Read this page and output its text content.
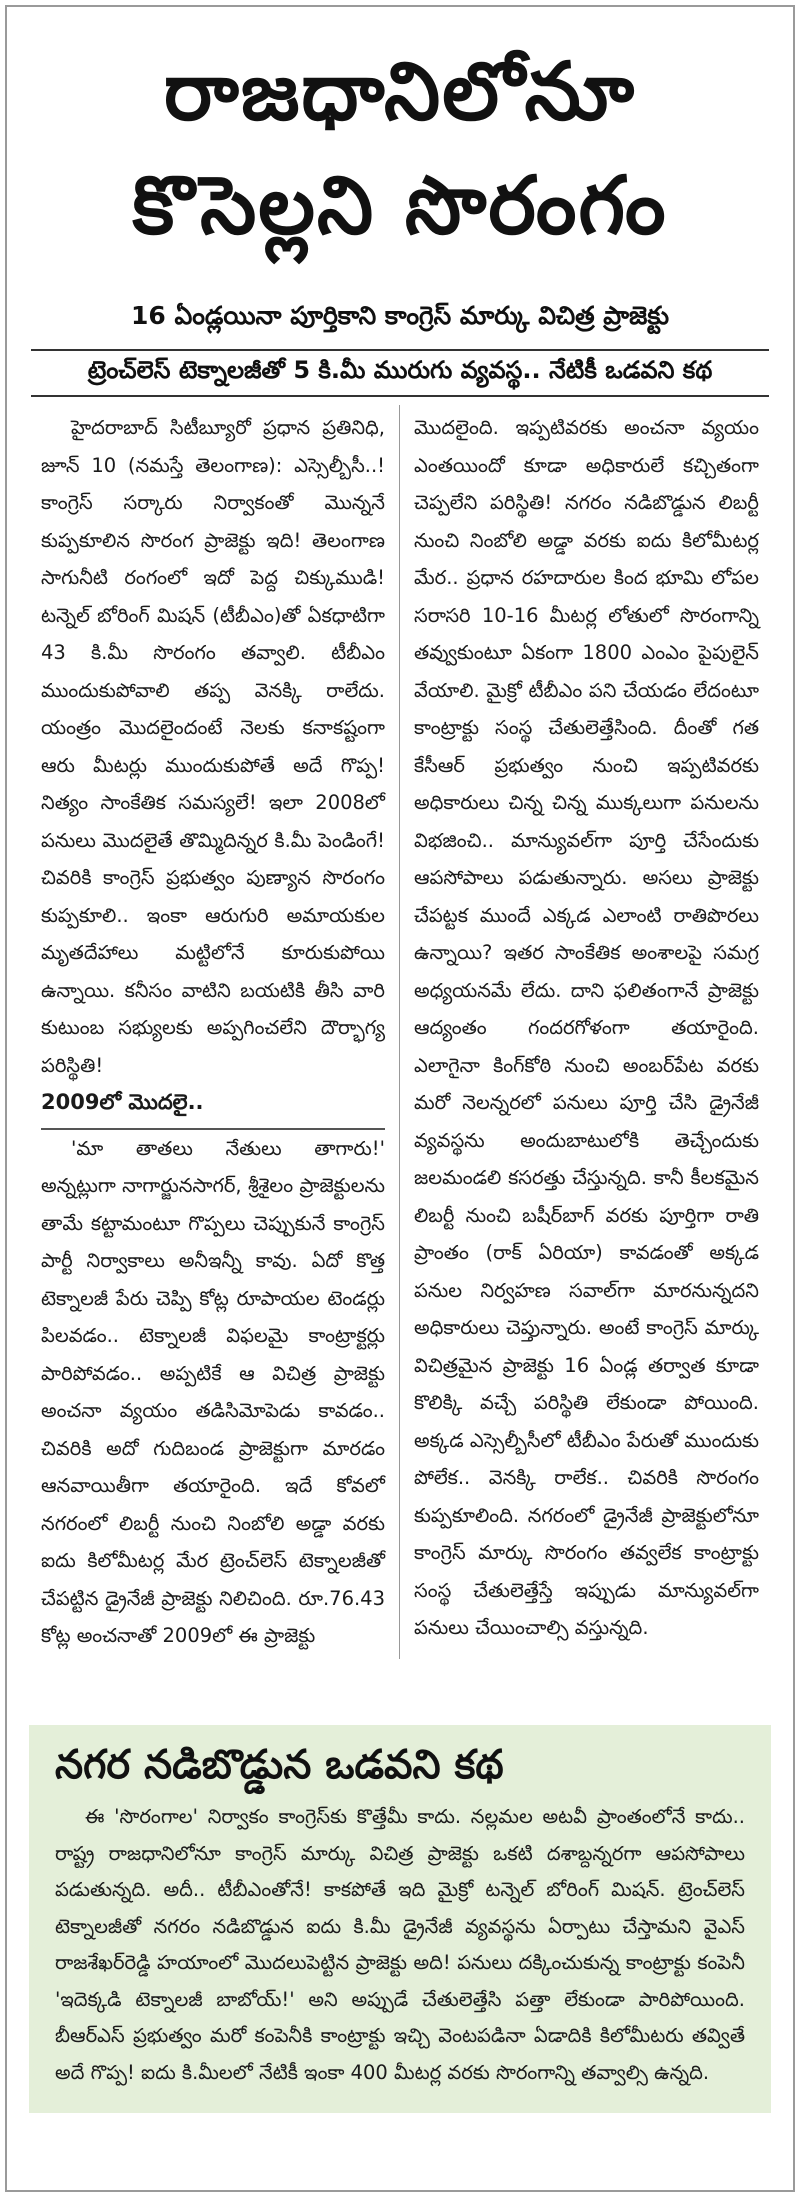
రాజధానిలోనూ
కొసెల్లని సొరంగం
16 ఏండ్లయినా పూర్తికాని కాంగ్రెస్ మార్కు విచిత్ర ప్రాజెక్టు
ట్రెంచ్‌లెస్ టెక్నాలజీతో 5 కి.మీ మురుగు వ్యవస్థ.. నేటికీ ఒడవని కథ

హైదరాబాద్ సిటీబ్యూరో ప్రధాన ప్రతినిధి, జూన్ 10 (నమస్తే తెలంగాణ): ఎస్సెల్బీసీ..! కాంగ్రెస్ సర్కారు నిర్వాకంతో మొన్ననే కుప్పకూలిన సొరంగ ప్రాజెక్టు ఇది! తెలంగాణ సాగునీటి రంగంలో ఇదో పెద్ద చిక్కుముడి! టన్నెల్ బోరింగ్ మిషన్ (టీబీఎం)తో ఏకధాటిగా 43 కి.మీ సొరంగం తవ్వాలి. టీబీఎం ముందుకుపోవాలి తప్ప వెనక్కి రాలేదు. యంత్రం మొదలైందంటే నెలకు కనాకష్టంగా ఆరు మీటర్లు ముందుకుపోతే అదే గొప్ప! నిత్యం సాంకేతిక సమస్యలే! ఇలా 2008లో పనులు మొదలైతే తొమ్మిదిన్నర కి.మీ పెండింగే! చివరికి కాంగ్రెస్ ప్రభుత్వం పుణ్యాన సొరంగం కుప్పకూలి.. ఇంకా ఆరుగురి అమాయకుల మృతదేహాలు మట్టిలోనే కూరుకుపోయి ఉన్నాయి. కనీసం వాటిని బయటికి తీసి వారి కుటుంబ సభ్యులకు అప్పగించలేని దౌర్భాగ్య పరిస్థితి!

2009లో మొదలై..

'మా తాతలు నేతులు తాగారు!' అన్నట్లుగా నాగార్జునసాగర్, శ్రీశైలం ప్రాజెక్టులను తామే కట్టామంటూ గొప్పలు చెప్పుకునే కాంగ్రెస్ పార్టీ నిర్వాకాలు అనీఇన్నీ కావు. ఏదో కొత్త టెక్నాలజీ పేరు చెప్పి కోట్ల రూపాయల టెండర్లు పిలవడం.. టెక్నాలజీ విఫలమై కాంట్రాక్టర్లు పారిపోవడం.. అప్పటికే ఆ విచిత్ర ప్రాజెక్టు అంచనా వ్యయం తడిసిమోపెడు కావడం.. చివరికి అదో గుదిబండ ప్రాజెక్టుగా మారడం ఆనవాయితీగా తయారైంది. ఇదే కోవలో నగరంలో లిబర్టీ నుంచి నింబోలి అడ్డా వరకు ఐదు కిలోమీటర్ల మేర ట్రెంచ్‌లెస్ టెక్నాలజీతో చేపట్టిన డ్రైనేజీ ప్రాజెక్టు నిలిచింది. రూ.76.43 కోట్ల అంచనాతో 2009లో ఈ ప్రాజెక్టు

మొదలైంది. ఇప్పటివరకు అంచనా వ్యయం ఎంతయిందో కూడా అధికారులే కచ్చితంగా చెప్పలేని పరిస్థితి! నగరం నడిబొడ్డున లిబర్టీ నుంచి నింబోలి అడ్డా వరకు ఐదు కిలోమీటర్ల మేర.. ప్రధాన రహదారుల కింద భూమి లోపల సరాసరి 10-16 మీటర్ల లోతులో సొరంగాన్ని తవ్వుకుంటూ ఏకంగా 1800 ఎంఎం పైపులైన్ వేయాలి. మైక్రో టీబీఎం పని చేయడం లేదంటూ కాంట్రాక్టు సంస్థ చేతులెత్తేసింది. దీంతో గత కేసీఆర్ ప్రభుత్వం నుంచి ఇప్పటివరకు అధికారులు చిన్న చిన్న ముక్కలుగా పనులను విభజించి.. మాన్యువల్‌గా పూర్తి చేసేందుకు ఆపసోపాలు పడుతున్నారు. అసలు ప్రాజెక్టు చేపట్టక ముందే ఎక్కడ ఎలాంటి రాతిపొరలు ఉన్నాయి? ఇతర సాంకేతిక అంశాలపై సమగ్ర అధ్యయనమే లేదు. దాని ఫలితంగానే ప్రాజెక్టు ఆద్యంతం గందరగోళంగా తయారైంది. ఎలాగైనా కింగ్‌కోఠి నుంచి అంబర్‌పేట వరకు మరో నెలన్నరలో పనులు పూర్తి చేసి డ్రైనేజీ వ్యవస్థను అందుబాటులోకి తెచ్చేందుకు జలమండలి కసరత్తు చేస్తున్నది. కానీ కీలకమైన లిబర్టీ నుంచి బషీర్‌బాగ్ వరకు పూర్తిగా రాతి ప్రాంతం (రాక్ ఏరియా) కావడంతో అక్కడ పనుల నిర్వహణ సవాల్‌గా మారనున్నదని అధికారులు చెప్తున్నారు. అంటే కాంగ్రెస్ మార్కు విచిత్రమైన ప్రాజెక్టు 16 ఏండ్ల తర్వాత కూడా కొలిక్కి వచ్చే పరిస్థితి లేకుండా పోయింది. అక్కడ ఎస్సెల్బీసీలో టీబీఎం పేరుతో ముందుకు పోలేక.. వెనక్కి రాలేక.. చివరికి సొరంగం కుప్పకూలింది. నగరంలో డ్రైనేజీ ప్రాజెక్టులోనూ కాంగ్రెస్ మార్కు సొరంగం తవ్వలేక కాంట్రాక్టు సంస్థ చేతులెత్తేస్తే ఇప్పుడు మాన్యువల్‌గా పనులు చేయించాల్సి వస్తున్నది.

నగర నడిబొడ్డున ఒడవని కథ

ఈ 'సొరంగాల' నిర్వాకం కాంగ్రెస్‌కు కొత్తేమీ కాదు. నల్లమల అటవీ ప్రాంతంలోనే కాదు.. రాష్ట్ర రాజధానిలోనూ కాంగ్రెస్ మార్కు విచిత్ర ప్రాజెక్టు ఒకటి దశాబ్దన్నరగా ఆపసోపాలు పడుతున్నది. అదీ.. టీబీఎంతోనే! కాకపోతే ఇది మైక్రో టన్నెల్ బోరింగ్ మిషన్. ట్రెంచ్‌లెస్ టెక్నాలజీతో నగరం నడిబొడ్డున ఐదు కి.మీ డ్రైనేజీ వ్యవస్థను ఏర్పాటు చేస్తామని వైఎస్ రాజశేఖర్‌రెడ్డి హయాంలో మొదలుపెట్టిన ప్రాజెక్టు అది! పనులు దక్కించుకున్న కాంట్రాక్టు కంపెనీ 'ఇదెక్కడి టెక్నాలజీ బాబోయ్!' అని అప్పుడే చేతులెత్తేసి పత్తా లేకుండా పారిపోయింది. బీఆర్ఎస్ ప్రభుత్వం మరో కంపెనీకి కాంట్రాక్టు ఇచ్చి వెంటపడినా ఏడాదికి కిలోమీటరు తవ్వితే అదే గొప్ప! ఐదు కి.మీలలో నేటికీ ఇంకా 400 మీటర్ల వరకు సొరంగాన్ని తవ్వాల్సి ఉన్నది.
